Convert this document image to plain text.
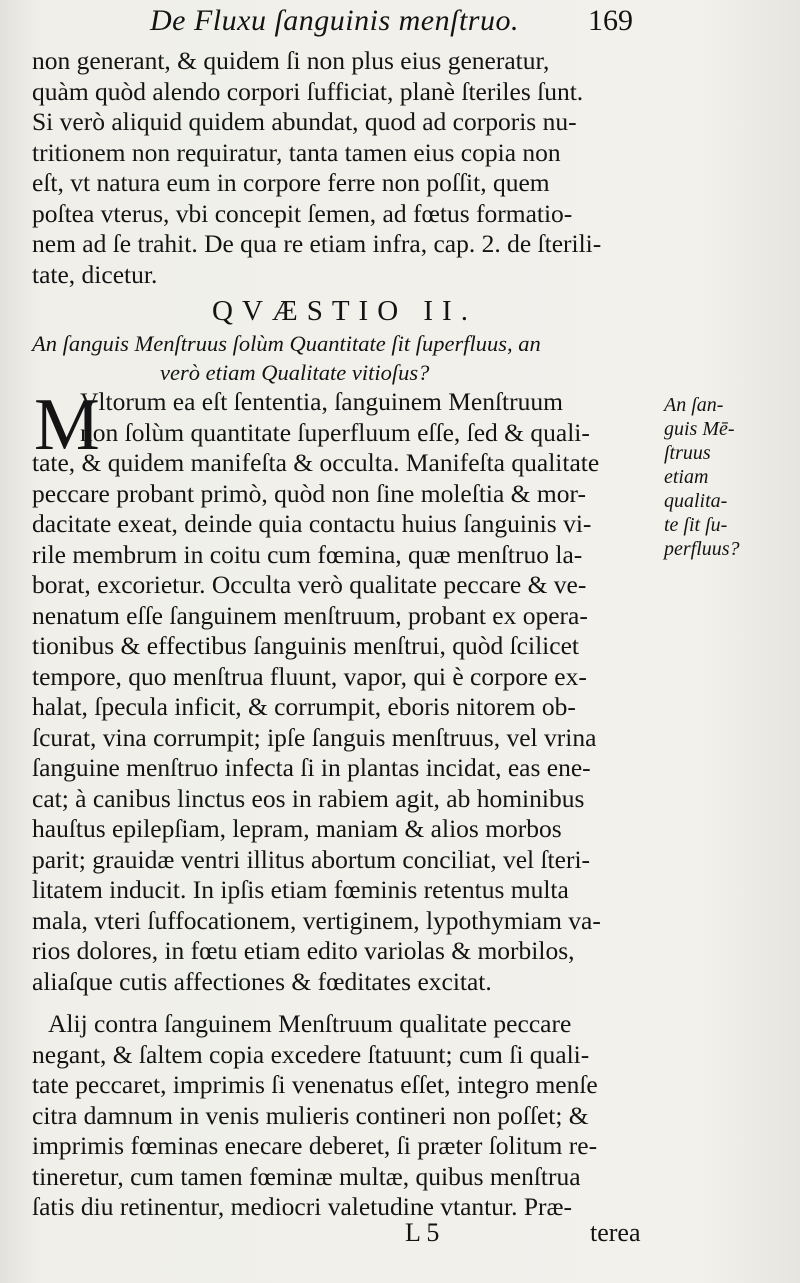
De Fluxu ſanguinis menſtruo. 169
non generant, & quidem ſi non plus eius generatur,
quàm quòd alendo corpori ſufficiat, planè ſteriles ſunt.
Si verò aliquid quidem abundat, quod ad corporis nu-
tritionem non requiratur, tanta tamen eius copia non
eſt, vt natura eum in corpore ferre non poſſit, quem
poſtea vterus, vbi concepit ſemen, ad fœtus formatio-
nem ad ſe trahit. De qua re etiam infra, cap. 2. de ſterili-
tate, dicetur.
QVÆSTIO II.
An ſanguis Menſtruus ſolùm Quantitate ſit ſuperfluus, an
verò etiam Qualitate vitioſus?
Vltorum ea eſt ſententia, ſanguinem Menſtruum
non ſolùm quantitate ſuperfluum eſſe, ſed & quali-
tate, & quidem manifeſta & occulta. Manifeſta qualitate
peccare probant primò, quòd non ſine moleſtia & mor-
dacitate exeat, deinde quia contactu huius ſanguinis vi-
rile membrum in coitu cum fœmina, quæ menſtruo la-
borat, excorietur. Occulta verò qualitate peccare & ve-
nenatum eſſe ſanguinem menſtruum, probant ex opera-
tionibus & effectibus ſanguinis menſtrui, quòd ſcilicet
tempore, quo menſtrua fluunt, vapor, qui è corpore ex-
halat, ſpecula inficit, & corrumpit, eboris nitorem ob-
ſcurat, vina corrumpit; ipſe ſanguis menſtruus, vel vrina
ſanguine menſtruo infecta ſi in plantas incidat, eas ene-
cat; à canibus linctus eos in rabiem agit, ab hominibus
hauſtus epilepſiam, lepram, maniam & alios morbos
parit; grauidæ ventri illitus abortum conciliat, vel ſteri-
litatem inducit. In ipſis etiam fœminis retentus multa
mala, vteri ſuffocationem, vertiginem, lypothymiam va-
rios dolores, in fœtu etiam edito variolas & morbilos,
aliaſque cutis affectiones & fœditates excitat.
Alij contra ſanguinem Menſtruum qualitate peccare
negant, & ſaltem copia excedere ſtatuunt; cum ſi quali-
tate peccaret, imprimis ſi venenatus eſſet, integro menſe
citra damnum in venis mulieris contineri non poſſet; &
imprimis fœminas enecare deberet, ſi præter ſolitum re-
tineretur, cum tamen fœminæ multæ, quibus menſtrua
ſatis diu retinentur, mediocri valetudine vtantur. Præ-
M	An ſan-
guis Mē-
ſtruus
etiam
qualita-
te ſit ſu-
perfluus?
L 5	terea
